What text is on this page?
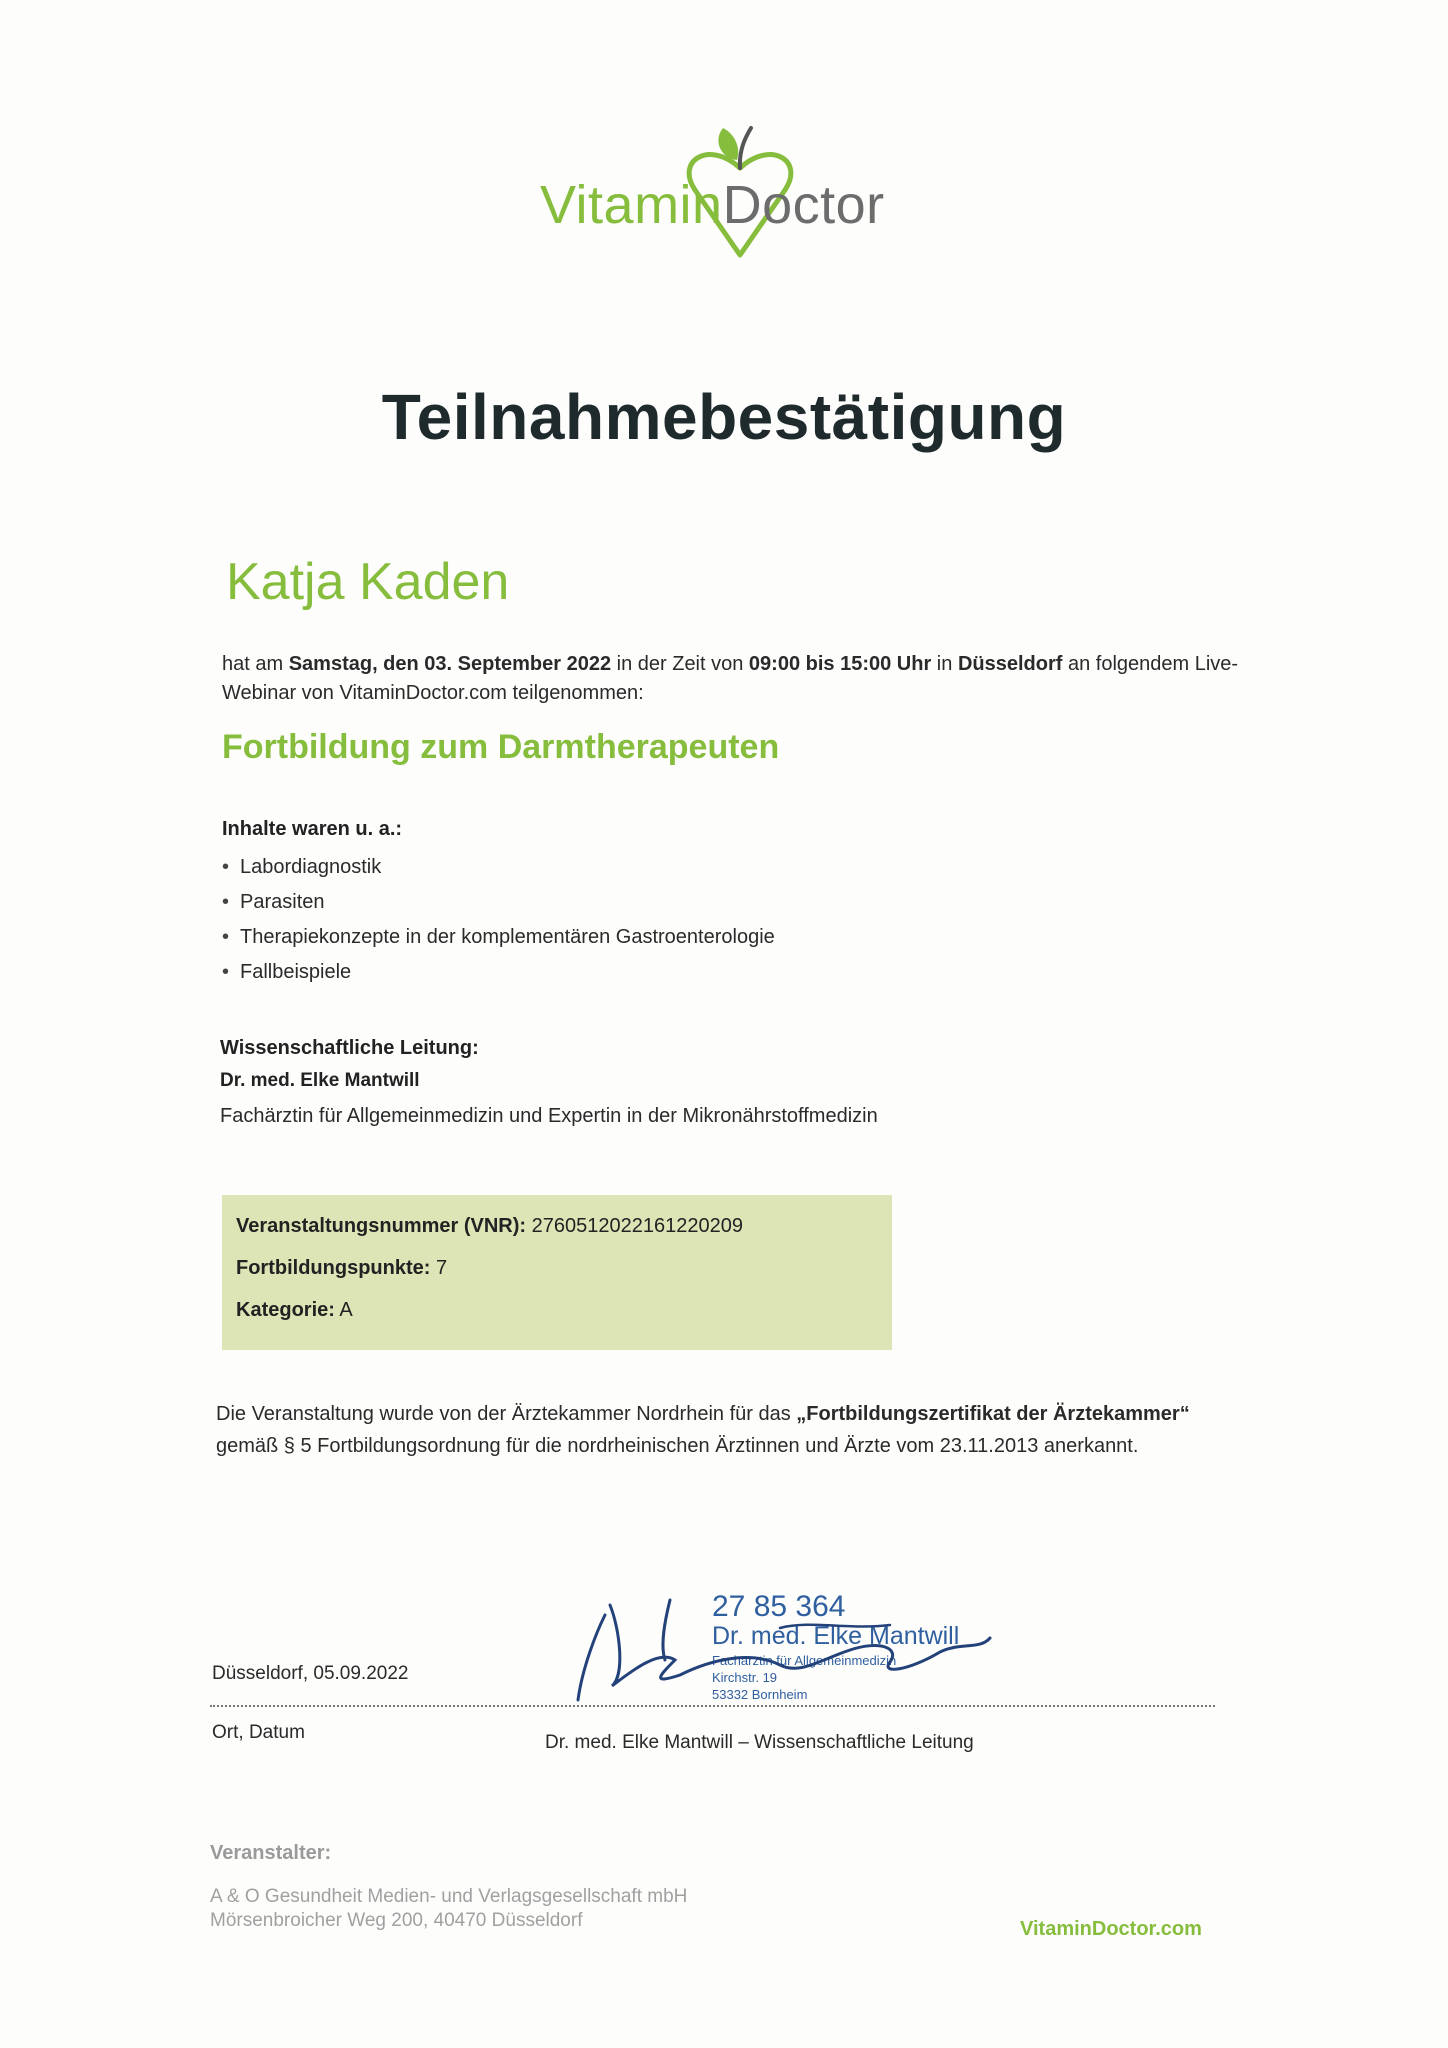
VitaminDoctor
Teilnahmebestätigung
Katja Kaden
hat am Samstag, den 03. September 2022 in der Zeit von 09:00 bis 15:00 Uhr in Düsseldorf an folgendem Live-Webinar von VitaminDoctor.com teilgenommen:
Fortbildung zum Darmtherapeuten
Inhalte waren u. a.:
• Labordiagnostik
• Parasiten
• Therapiekonzepte in der komplementären Gastroenterologie
• Fallbeispiele
Wissenschaftliche Leitung:
Dr. med. Elke Mantwill
Fachärztin für Allgemeinmedizin und Expertin in der Mikronährstoffmedizin
Veranstaltungsnummer (VNR): 2760512022161220209
Fortbildungspunkte: 7
Kategorie: A
Die Veranstaltung wurde von der Ärztekammer Nordrhein für das „Fortbildungszertifikat der Ärztekammer“ gemäß § 5 Fortbildungsordnung für die nordrheinischen Ärztinnen und Ärzte vom 23.11.2013 anerkannt.
27 85 364
Dr. med. Elke Mantwill
Fachärztin für Allgemeinmedizin
Kirchstr. 19
53332 Bornheim
Düsseldorf, 05.09.2022
Ort, Datum	Dr. med. Elke Mantwill – Wissenschaftliche Leitung
Veranstalter:
A & O Gesundheit Medien- und Verlagsgesellschaft mbH
Mörsenbroicher Weg 200, 40470 Düsseldorf	VitaminDoctor.com
